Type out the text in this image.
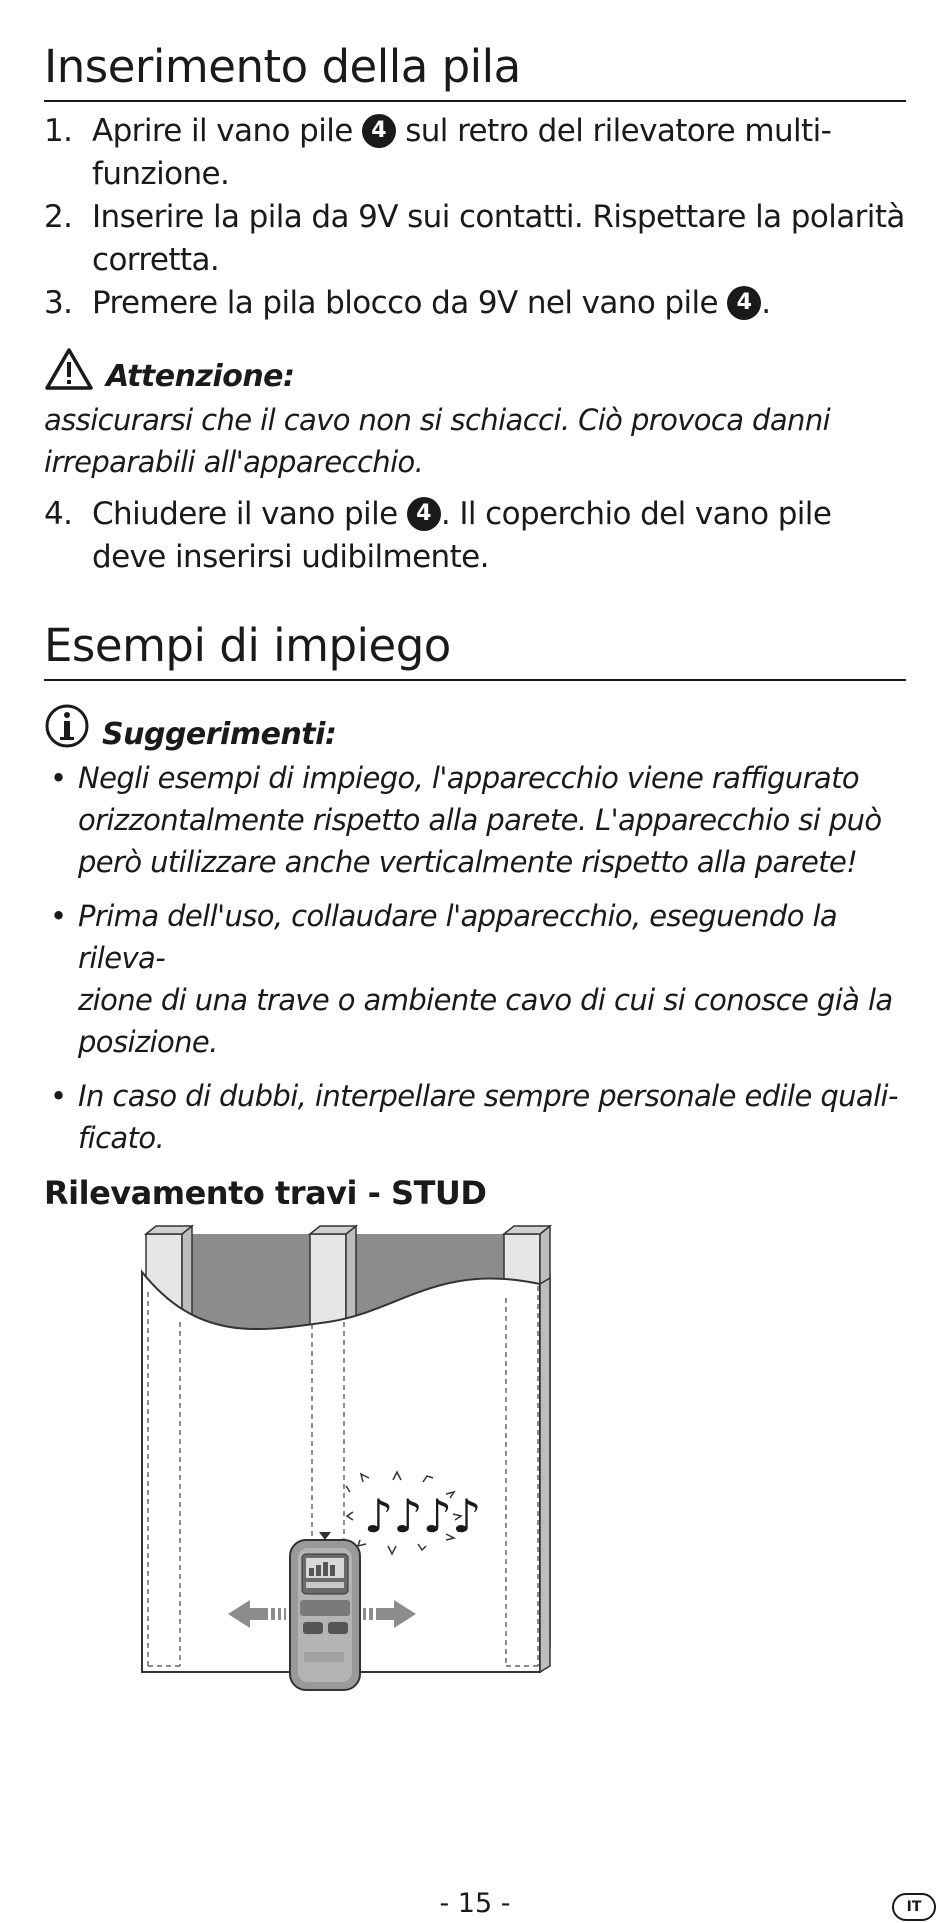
Inserimento della pila
1. Aprire il vano pile 4 sul retro del rilevatore multi-
funzione.
2. Inserire la pila da 9V sui contatti. Rispettare la polarità
corretta.
3. Premere la pila blocco da 9V nel vano pile 4 .
Attenzione:
assicurarsi che il cavo non si schiacci. Ciò provoca danni
irreparabili all'apparecchio.
4. Chiudere il vano pile 4 . Il coperchio del vano pile
deve inserirsi udibilmente.
Esempi di impiego
Suggerimenti:
• Negli esempi di impiego, l'apparecchio viene raffigurato
orizzontalmente rispetto alla parete. L'apparecchio si può
però utilizzare anche verticalmente rispetto alla parete!
• Prima dell'uso, collaudare l'apparecchio, eseguendo la rileva-
zione di una trave o ambiente cavo di cui si conosce già la
posizione.
• In caso di dubbi, interpellare sempre personale edile quali-
ficato.
Rilevamento travi - STUD
♪♪♪♪
- 15 -	IT
